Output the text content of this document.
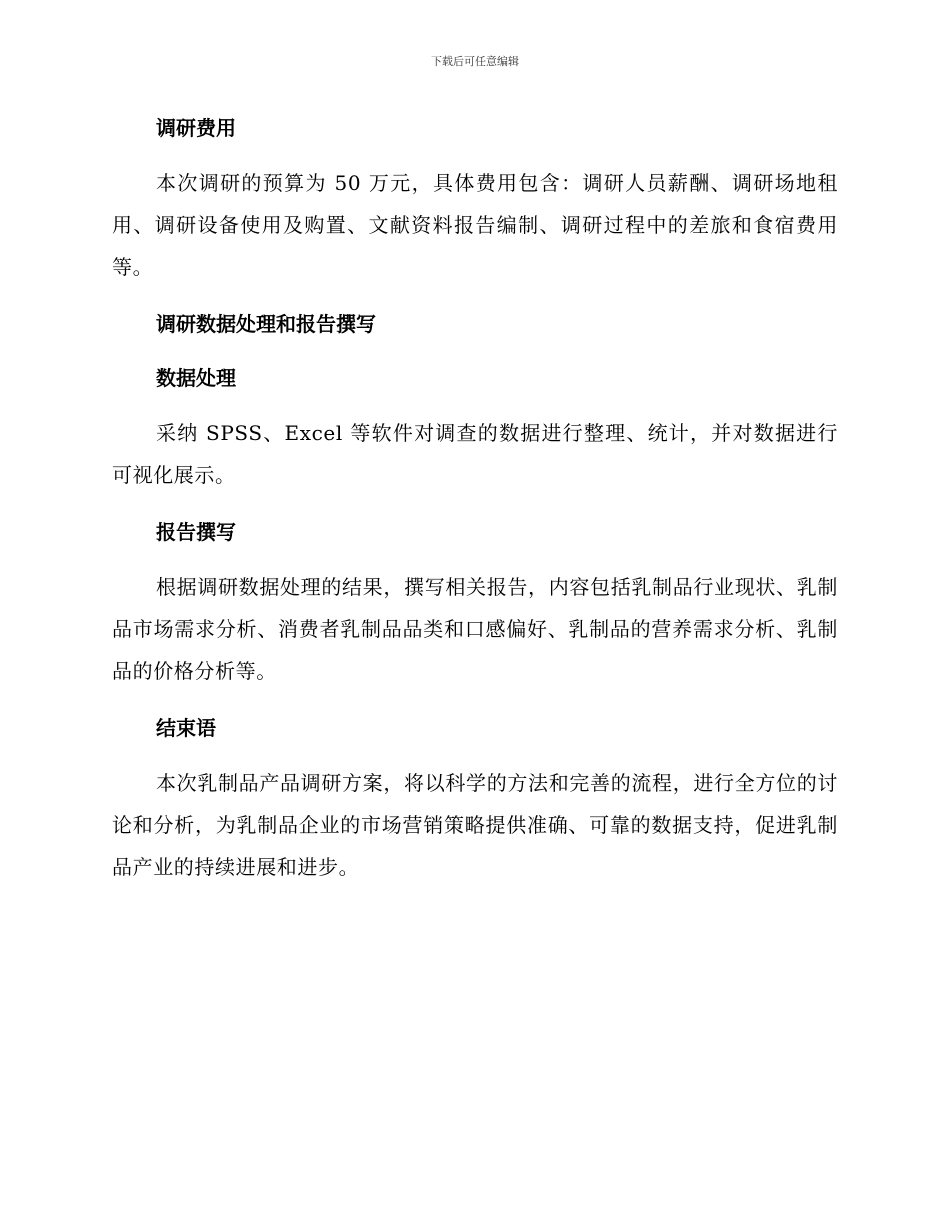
下载后可任意编辑
调研费用

本次调研的预算为 50 万元，具体费用包含：调研人员薪酬、调研场地租用、调研设备使用及购置、文献资料报告编制、调研过程中的差旅和食宿费用等。

调研数据处理和报告撰写
数据处理

采纳 SPSS、Excel 等软件对调查的数据进行整理、统计，并对数据进行可视化展示。

报告撰写

根据调研数据处理的结果，撰写相关报告，内容包括乳制品行业现状、乳制品市场需求分析、消费者乳制品品类和口感偏好、乳制品的营养需求分析、乳制品的价格分析等。

结束语

本次乳制品产品调研方案，将以科学的方法和完善的流程，进行全方位的讨论和分析，为乳制品企业的市场营销策略提供准确、可靠的数据支持，促进乳制品产业的持续进展和进步。
